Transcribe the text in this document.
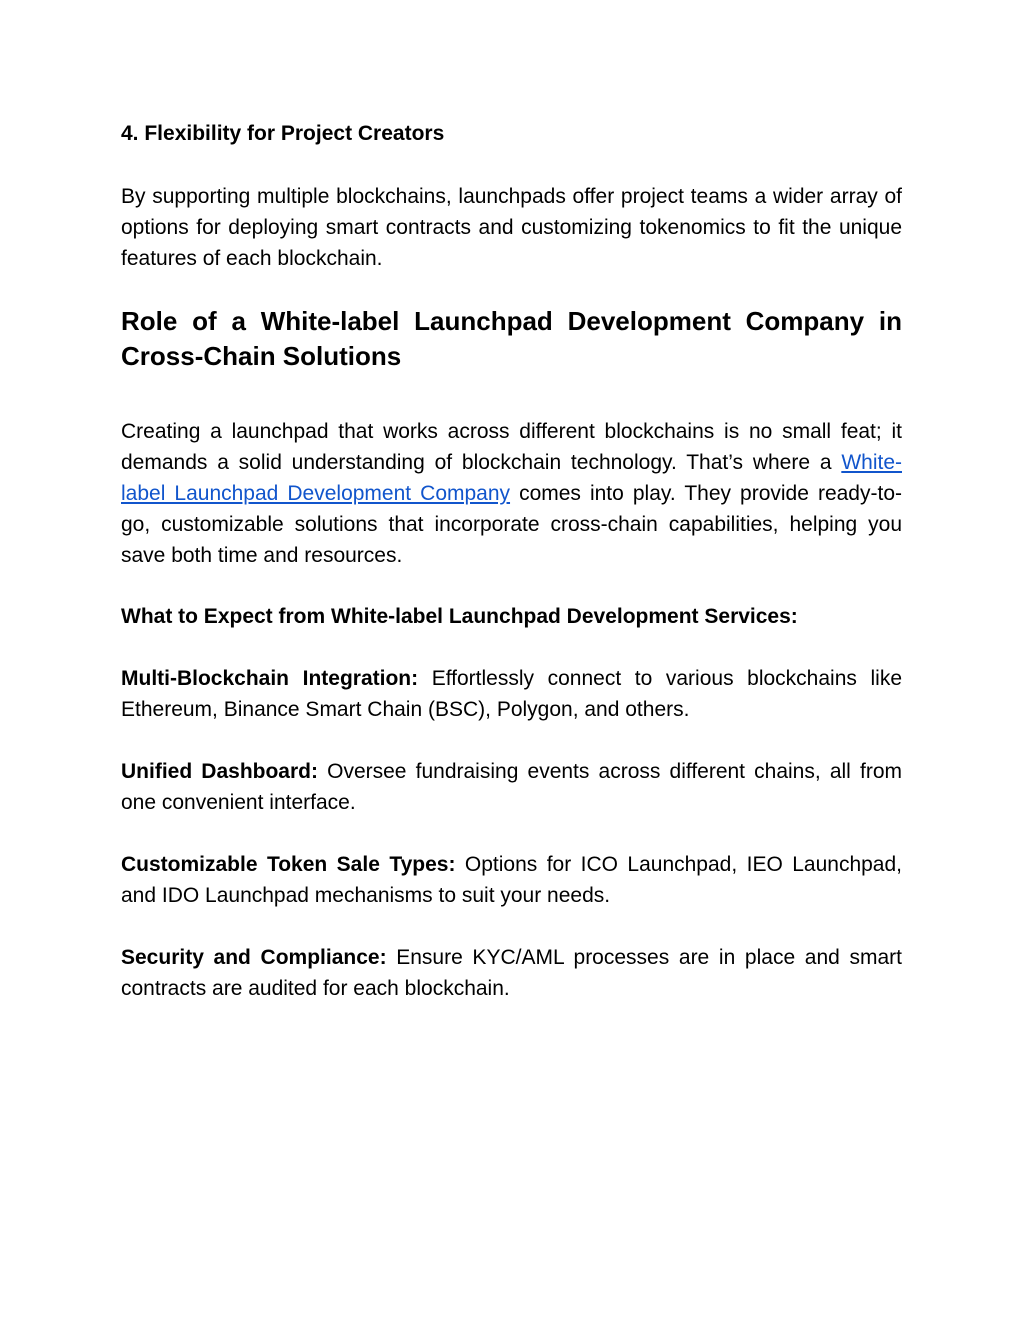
4. Flexibility for Project Creators

By supporting multiple blockchains, launchpads offer project teams a wider array of options for deploying smart contracts and customizing tokenomics to fit the unique features of each blockchain.

Role of a White-label Launchpad Development Company in Cross-Chain Solutions

Creating a launchpad that works across different blockchains is no small feat; it demands a solid understanding of blockchain technology. That’s where a White-label Launchpad Development Company comes into play. They provide ready-to-go, customizable solutions that incorporate cross-chain capabilities, helping you save both time and resources.

What to Expect from White-label Launchpad Development Services:

Multi-Blockchain Integration: Effortlessly connect to various blockchains like Ethereum, Binance Smart Chain (BSC), Polygon, and others.

Unified Dashboard: Oversee fundraising events across different chains, all from one convenient interface.

Customizable Token Sale Types: Options for ICO Launchpad, IEO Launchpad, and IDO Launchpad mechanisms to suit your needs.

Security and Compliance: Ensure KYC/AML processes are in place and smart contracts are audited for each blockchain.
